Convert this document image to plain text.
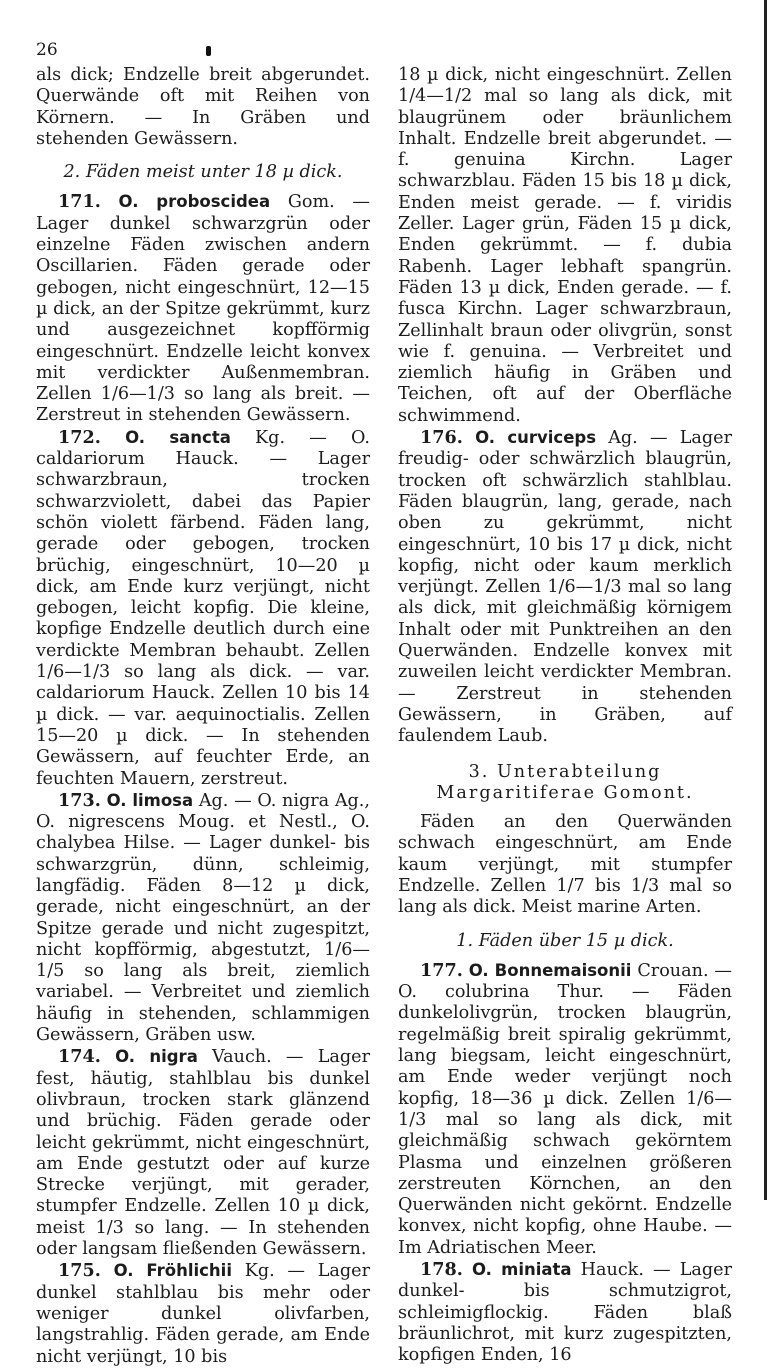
26

als dick; Endzelle breit abgerundet. Querwände oft mit Reihen von Körnern. — In Gräben und stehenden Gewässern.

2. Fäden meist unter 18 µ dick.

171. O. proboscidea Gom. — Lager dunkel schwarzgrün oder einzelne Fäden zwischen andern Oscillarien. Fäden gerade oder gebogen, nicht eingeschnürt, 12—15 µ dick, an der Spitze gekrümmt, kurz und ausgezeichnet kopfförmig eingeschnürt. Endzelle leicht konvex mit verdickter Außenmembran. Zellen 1/6—1/3 so lang als breit. — Zerstreut in stehenden Gewässern.

172. O. sancta Kg. — O. caldariorum Hauck. — Lager schwarzbraun, trocken schwarzviolett, dabei das Papier schön violett färbend. Fäden lang, gerade oder gebogen, trocken brüchig, eingeschnürt, 10—20 µ dick, am Ende kurz verjüngt, nicht gebogen, leicht kopfig. Die kleine, kopfige Endzelle deutlich durch eine verdickte Membran behaubt. Zellen 1/6—1/3 so lang als dick. — var. caldariorum Hauck. Zellen 10 bis 14 µ dick. — var. aequinoctialis. Zellen 15—20 µ dick. — In stehenden Gewässern, auf feuchter Erde, an feuchten Mauern, zerstreut.

173. O. limosa Ag. — O. nigra Ag., O. nigrescens Moug. et Nestl., O. chalybea Hilse. — Lager dunkel- bis schwarzgrün, dünn, schleimig, langfädig. Fäden 8—12 µ dick, gerade, nicht eingeschnürt, an der Spitze gerade und nicht zugespitzt, nicht kopfförmig, abgestutzt, 1/6—1/5 so lang als breit, ziemlich variabel. — Verbreitet und ziemlich häufig in stehenden, schlammigen Gewässern, Gräben usw.

174. O. nigra Vauch. — Lager fest, häutig, stahlblau bis dunkel olivbraun, trocken stark glänzend und brüchig. Fäden gerade oder leicht gekrümmt, nicht eingeschnürt, am Ende gestutzt oder auf kurze Strecke verjüngt, mit gerader, stumpfer Endzelle. Zellen 10 µ dick, meist 1/3 so lang. — In stehenden oder langsam fließenden Gewässern.

175. O. Fröhlichii Kg. — Lager dunkel stahlblau bis mehr oder weniger dunkel olivfarben, langstrahlig. Fäden gerade, am Ende nicht verjüngt, 10 bis

18 µ dick, nicht eingeschnürt. Zellen 1/4—1/2 mal so lang als dick, mit blaugrünem oder bräunlichem Inhalt. Endzelle breit abgerundet. — f. genuina Kirchn. Lager schwarzblau. Fäden 15 bis 18 µ dick, Enden meist gerade. — f. viridis Zeller. Lager grün, Fäden 15 µ dick, Enden gekrümmt. — f. dubia Rabenh. Lager lebhaft spangrün. Fäden 13 µ dick, Enden gerade. — f. fusca Kirchn. Lager schwarzbraun, Zellinhalt braun oder olivgrün, sonst wie f. genuina. — Verbreitet und ziemlich häufig in Gräben und Teichen, oft auf der Oberfläche schwimmend.

176. O. curviceps Ag. — Lager freudig- oder schwärzlich blaugrün, trocken oft schwärzlich stahlblau. Fäden blaugrün, lang, gerade, nach oben zu gekrümmt, nicht eingeschnürt, 10 bis 17 µ dick, nicht kopfig, nicht oder kaum merklich verjüngt. Zellen 1/6—1/3 mal so lang als dick, mit gleichmäßig körnigem Inhalt oder mit Punktreihen an den Querwänden. Endzelle konvex mit zuweilen leicht verdickter Membran. — Zerstreut in stehenden Gewässern, in Gräben, auf faulendem Laub.

3. Unterabteilung Margaritiferae Gomont.

Fäden an den Querwänden schwach eingeschnürt, am Ende kaum verjüngt, mit stumpfer Endzelle. Zellen 1/7 bis 1/3 mal so lang als dick. Meist marine Arten.

1. Fäden über 15 µ dick.

177. O. Bonnemaisonii Crouan. — O. colubrina Thur. — Fäden dunkelolivgrün, trocken blaugrün, regelmäßig breit spiralig gekrümmt, lang biegsam, leicht eingeschnürt, am Ende weder verjüngt noch kopfig, 18—36 µ dick. Zellen 1/6—1/3 mal so lang als dick, mit gleichmäßig schwach gekörntem Plasma und einzelnen größeren zerstreuten Körnchen, an den Querwänden nicht gekörnt. Endzelle konvex, nicht kopfig, ohne Haube. — Im Adriatischen Meer.

178. O. miniata Hauck. — Lager dunkel- bis schmutzigrot, schleimigflockig. Fäden blaß bräunlichrot, mit kurz zugespitzten, kopfigen Enden, 16
